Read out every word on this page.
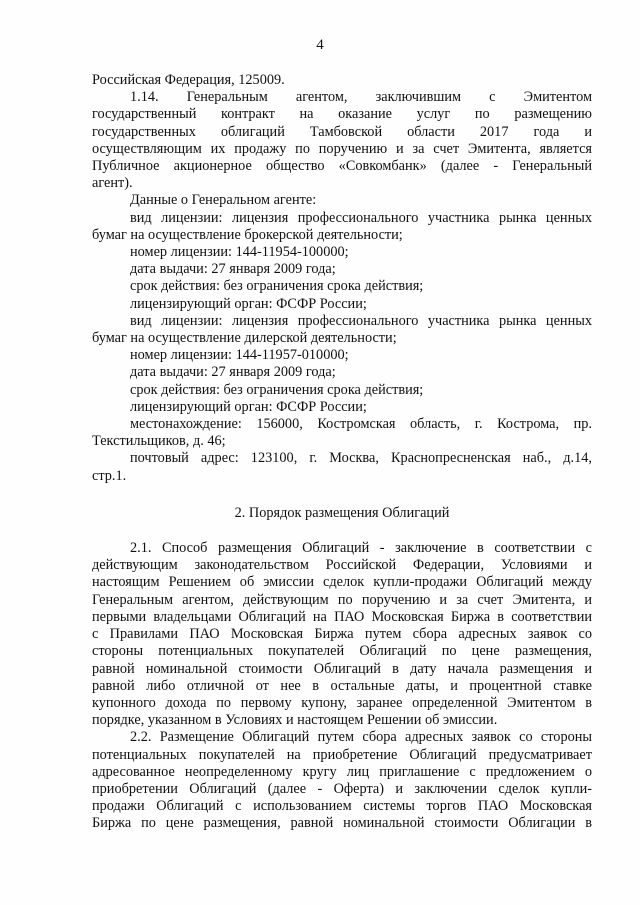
4

Российская Федерация, 125009.

1.14. Генеральным агентом, заключившим с Эмитентом

государственный контракт на оказание услуг по размещению

государственных облигаций Тамбовской области 2017 года и

осуществляющим их продажу по поручению и за счет Эмитента, является

Публичное акционерное общество «Совкомбанк» (далее - Генеральный

агент).

Данные о Генеральном агенте:

вид лицензии: лицензия профессионального участника рынка ценных

бумаг на осуществление брокерской деятельности;

номер лицензии: 144-11954-100000;

дата выдачи: 27 января 2009 года;

срок действия: без ограничения срока действия;

лицензирующий орган: ФСФР России;

вид лицензии: лицензия профессионального участника рынка ценных

бумаг на осуществление дилерской деятельности;

номер лицензии: 144-11957-010000;

дата выдачи: 27 января 2009 года;

срок действия: без ограничения срока действия;

лицензирующий орган: ФСФР России;

местонахождение: 156000, Костромская область, г. Кострома, пр.

Текстильщиков, д. 46;

почтовый адрес: 123100, г. Москва, Краснопресненская наб., д.14,

стр.1.

2. Порядок размещения Облигаций

2.1. Способ размещения Облигаций - заключение в соответствии с

действующим законодательством Российской Федерации, Условиями и

настоящим Решением об эмиссии сделок купли-продажи Облигаций между

Генеральным агентом, действующим по поручению и за счет Эмитента, и

первыми владельцами Облигаций на ПАО Московская Биржа в соответствии

с Правилами ПАО Московская Биржа путем сбора адресных заявок со

стороны потенциальных покупателей Облигаций по цене размещения,

равной номинальной стоимости Облигаций в дату начала размещения и

равной либо отличной от нее в остальные даты, и процентной ставке

купонного дохода по первому купону, заранее определенной Эмитентом в

порядке, указанном в Условиях и настоящем Решении об эмиссии.

2.2. Размещение Облигаций путем сбора адресных заявок со стороны

потенциальных покупателей на приобретение Облигаций предусматривает

адресованное неопределенному кругу лиц приглашение с предложением о

приобретении Облигаций (далее - Оферта) и заключении сделок купли-

продажи Облигаций с использованием системы торгов ПАО Московская

Биржа по цене размещения, равной номинальной стоимости Облигации в
